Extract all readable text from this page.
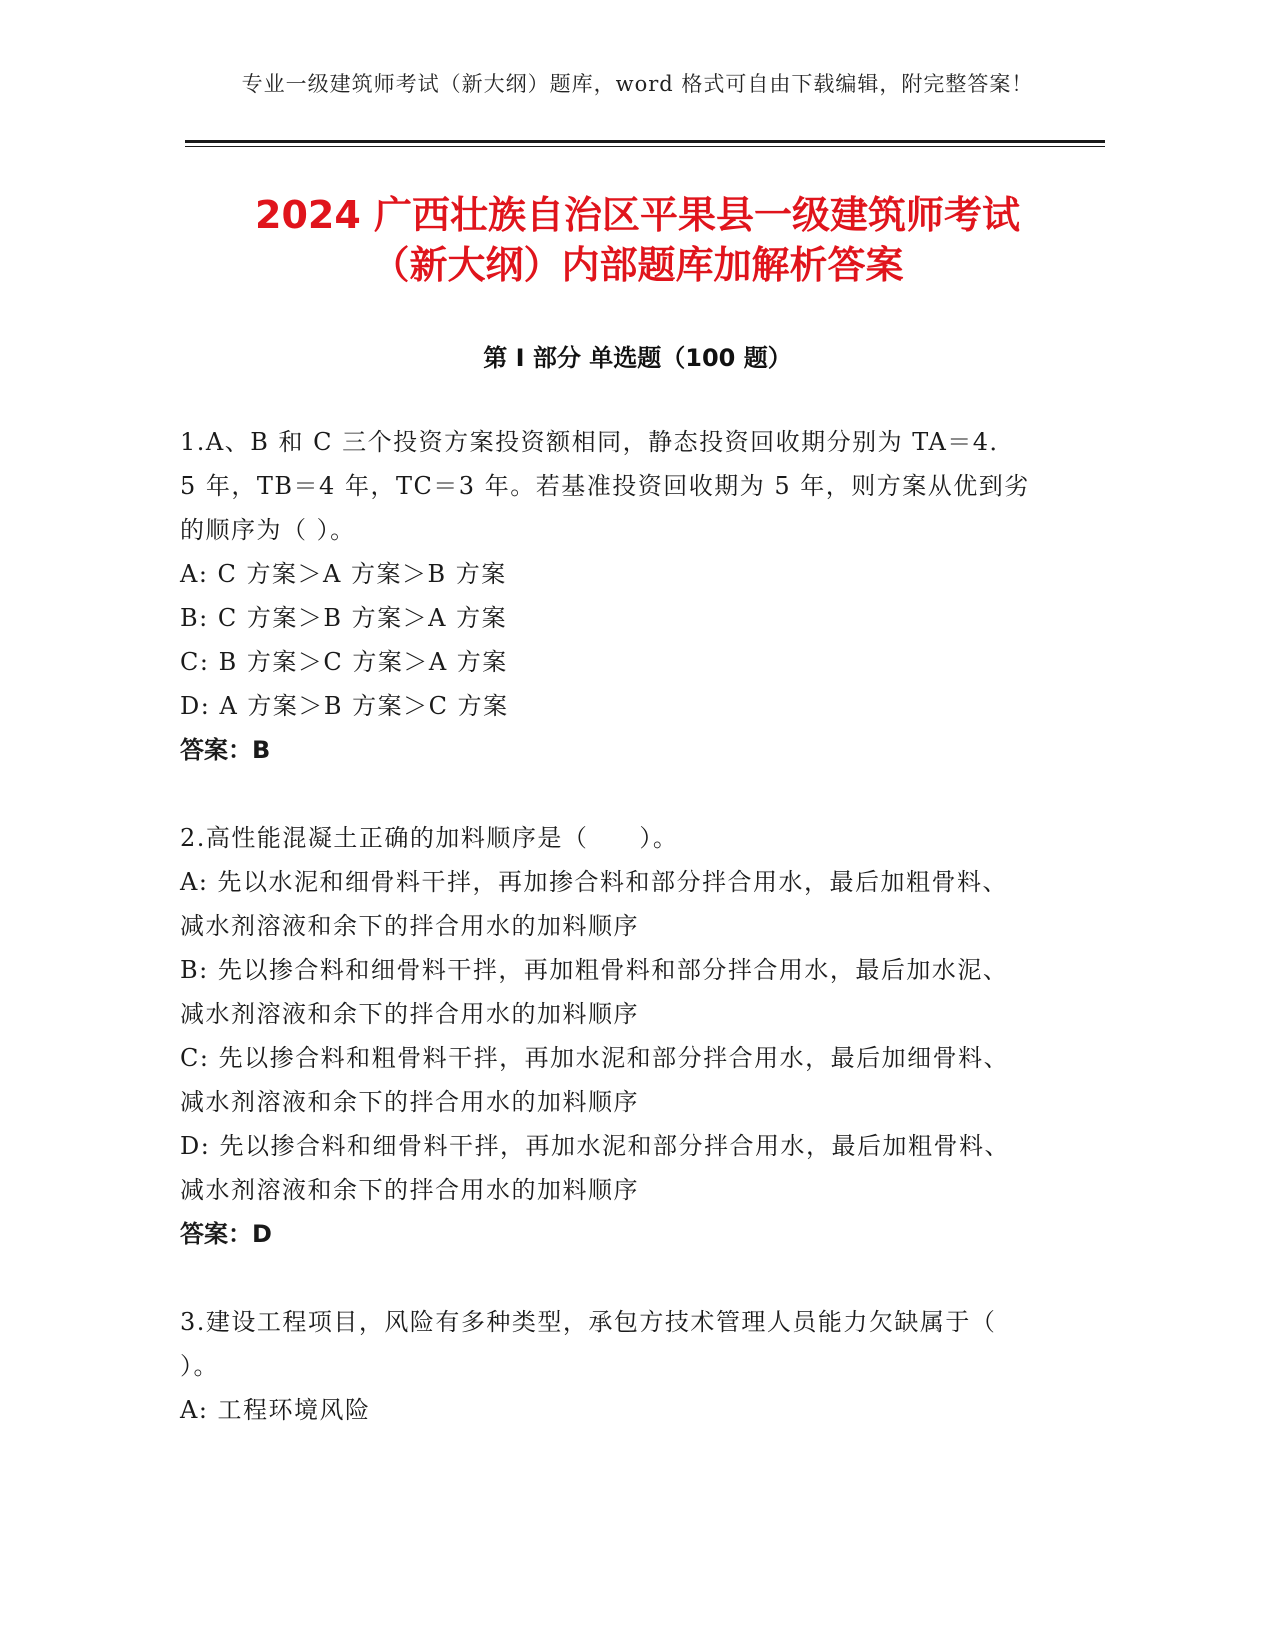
专业一级建筑师考试（新大纲）题库，word 格式可自由下载编辑，附完整答案！
2024 广西壮族自治区平果县一级建筑师考试
（新大纲）内部题库加解析答案
第 I 部分 单选题（100 题）
1.A、B 和 C 三个投资方案投资额相同，静态投资回收期分别为 TA＝4．5 年，TB＝4 年，TC＝3 年。若基准投资回收期为 5 年，则方案从优到劣的顺序为（ ）。
A: C 方案＞A 方案＞B 方案
B: C 方案＞B 方案＞A 方案
C: B 方案＞C 方案＞A 方案
D: A 方案＞B 方案＞C 方案
答案：B
2.高性能混凝土正确的加料顺序是（　　）。
A: 先以水泥和细骨料干拌，再加掺合料和部分拌合用水，最后加粗骨料、减水剂溶液和余下的拌合用水的加料顺序
B: 先以掺合料和细骨料干拌，再加粗骨料和部分拌合用水，最后加水泥、减水剂溶液和余下的拌合用水的加料顺序
C: 先以掺合料和粗骨料干拌，再加水泥和部分拌合用水，最后加细骨料、减水剂溶液和余下的拌合用水的加料顺序
D: 先以掺合料和细骨料干拌，再加水泥和部分拌合用水，最后加粗骨料、减水剂溶液和余下的拌合用水的加料顺序
答案：D
3.建设工程项目，风险有多种类型，承包方技术管理人员能力欠缺属于（　 ）。
A: 工程环境风险
